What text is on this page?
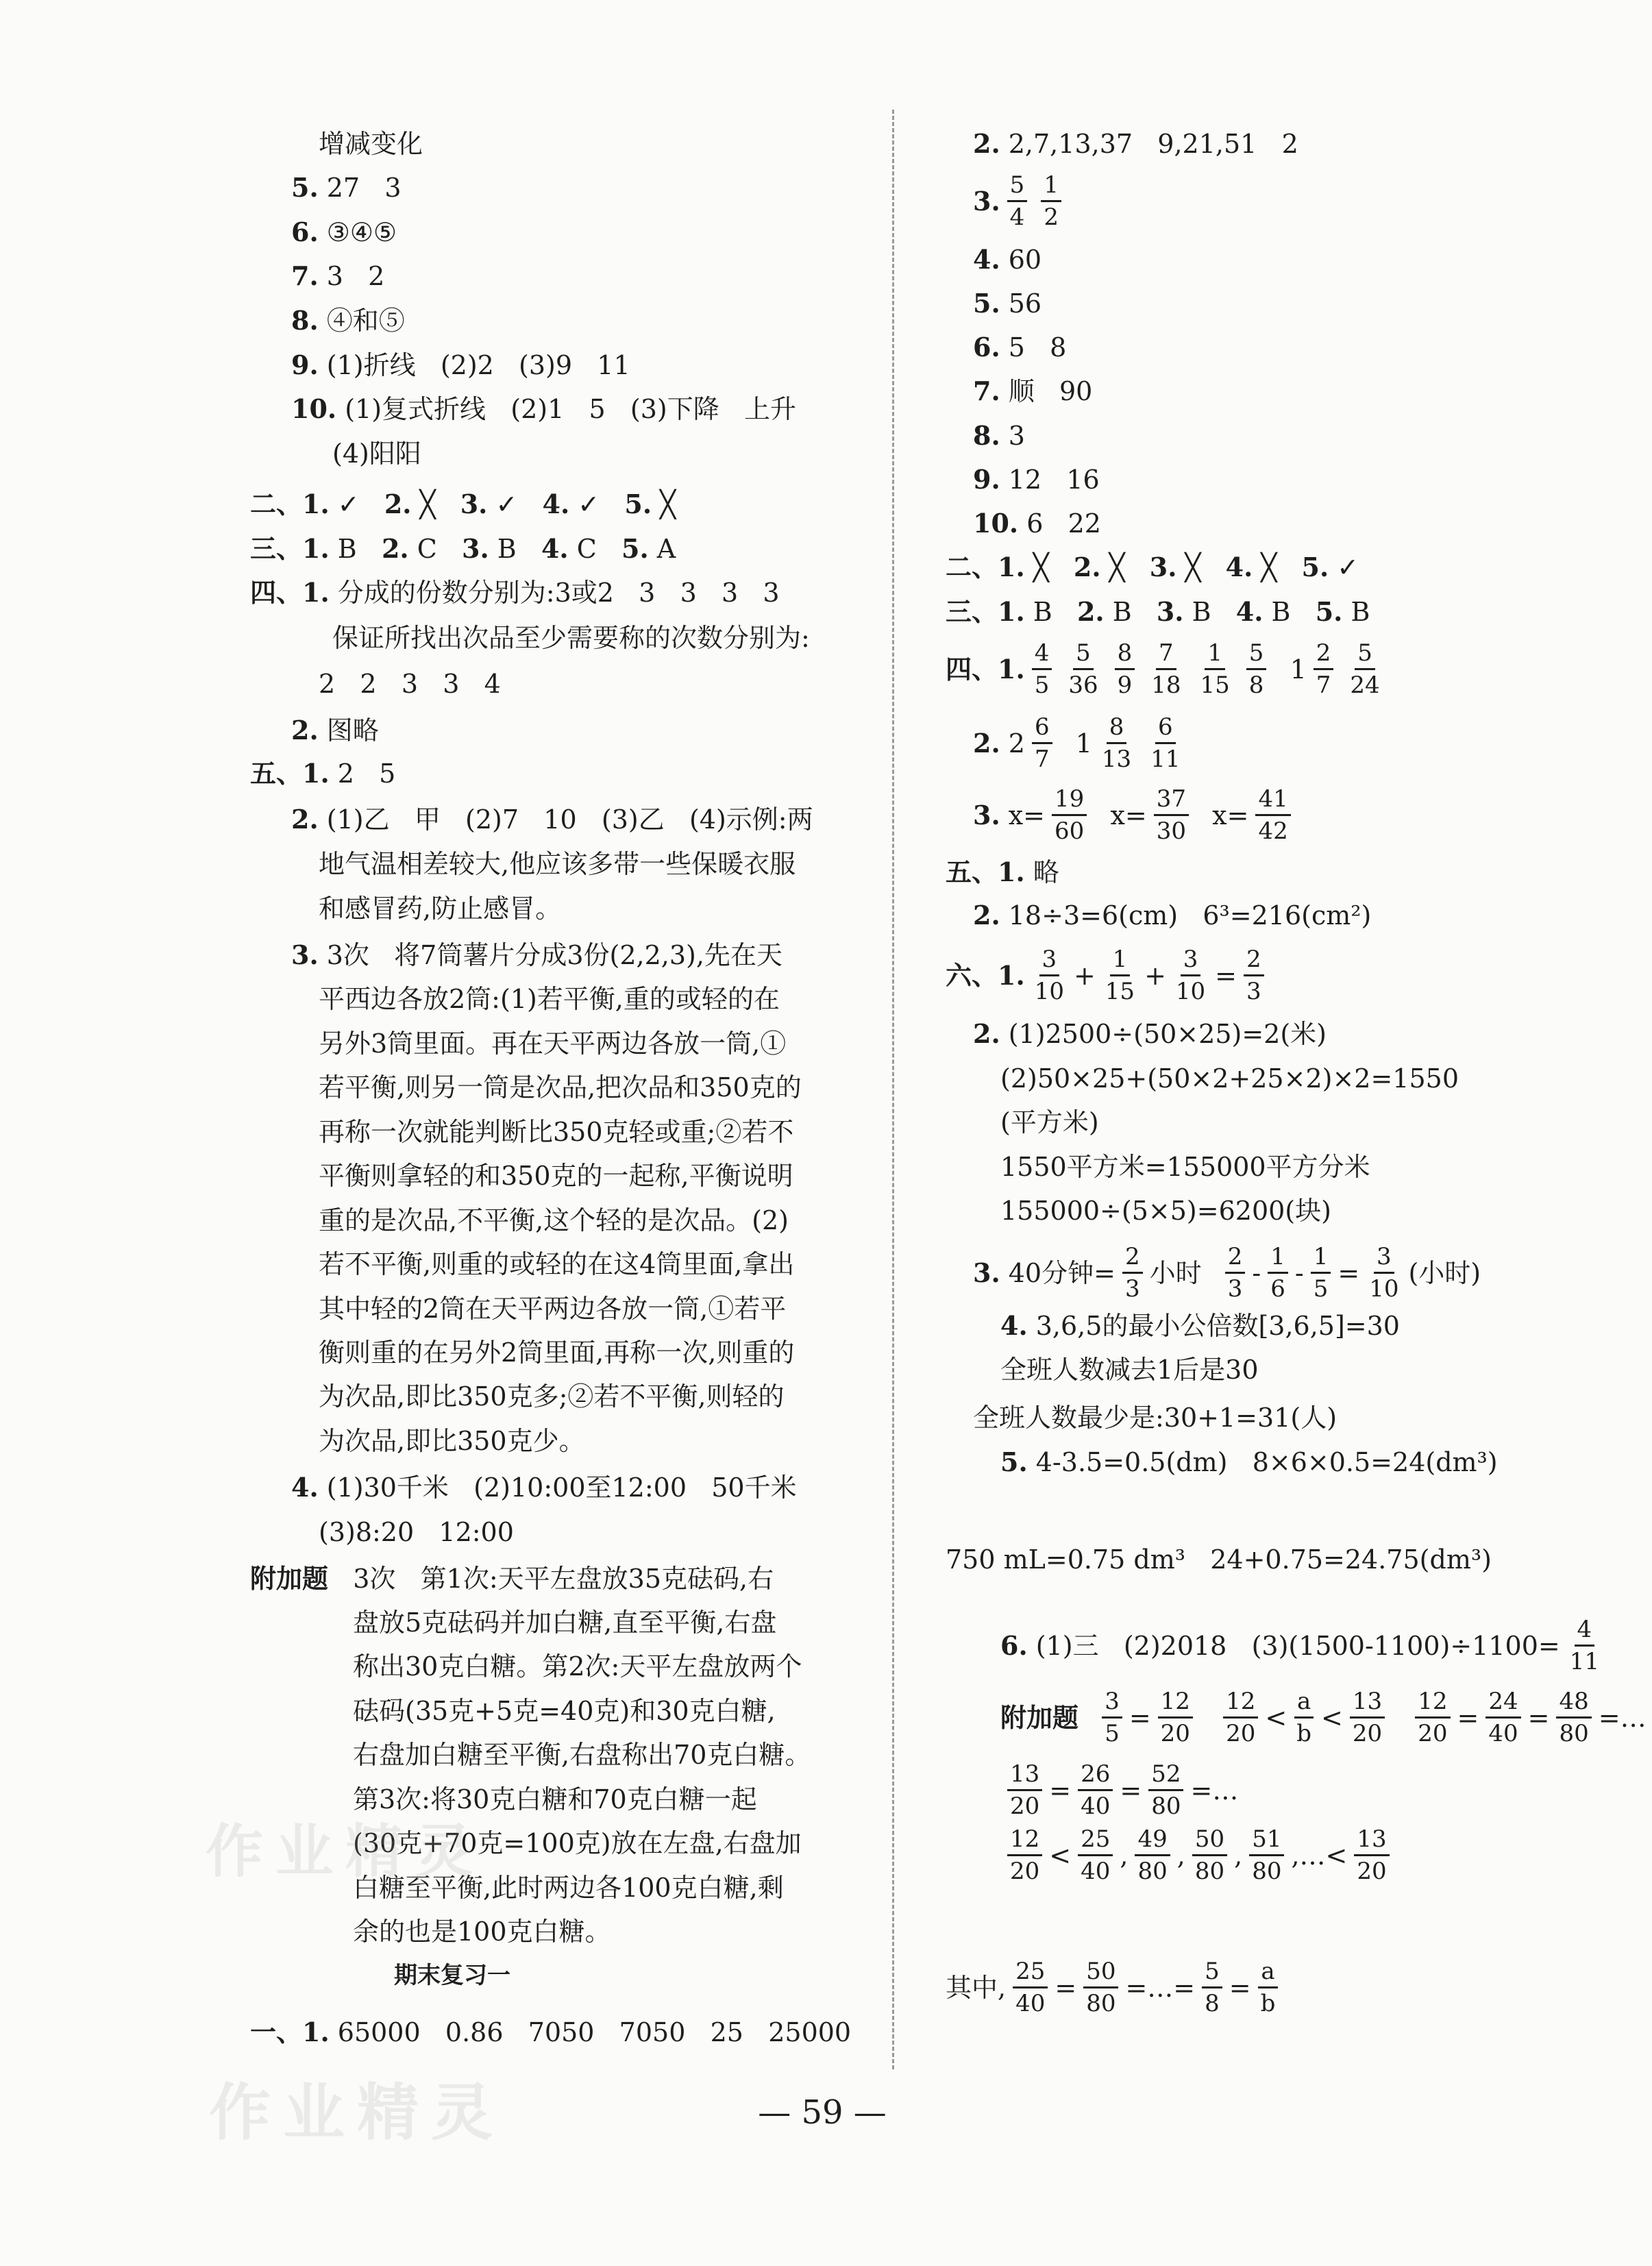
增减变化
5. 27   3
6. ③④⑤
7. 3   2
8. ④和⑤
9. (1)折线   (2)2   (3)9   11
10. (1)复式折线   (2)1   5   (3)下降   上升
(4)阳阳
二、 1. ✓ 2. ╳ 3. ✓ 4. ✓ 5. ╳
三、 1. B 2. C 3. B 4. C 5. A
四、 1. 分成的份数分别为:3或2   3   3   3   3
保证所找出次品至少需要称的次数分别为:
2   2   3   3   4
2. 图略
五、 1. 2   5
2. (1)乙   甲   (2)7   10   (3)乙   (4)示例:两
地气温相差较大,他应该多带一些保暖衣服
和感冒药,防止感冒。
3. 3次   将7筒薯片分成3份(2,2,3),先在天
平西边各放2筒:(1)若平衡,重的或轻的在
另外3筒里面。再在天平两边各放一筒,①
若平衡,则另一筒是次品,把次品和350克的
再称一次就能判断比350克轻或重;②若不
平衡则拿轻的和350克的一起称,平衡说明
重的是次品,不平衡,这个轻的是次品。(2)
若不平衡,则重的或轻的在这4筒里面,拿出
其中轻的2筒在天平两边各放一筒,①若平
衡则重的在另外2筒里面,再称一次,则重的
为次品,即比350克多;②若不平衡,则轻的
为次品,即比350克少。
4. (1)30千米   (2)10:00至12:00   50千米
(3)8:20   12:00
附加题 3次   第1次:天平左盘放35克砝码,右
盘放5克砝码并加白糖,直至平衡,右盘
称出30克白糖。第2次:天平左盘放两个
砝码(35克+5克=40克)和30克白糖,
右盘加白糖至平衡,右盘称出70克白糖。
第3次:将30克白糖和70克白糖一起
(30克+70克=100克)放在左盘,右盘加
白糖至平衡,此时两边各100克白糖,剩
余的也是100克白糖。
一、 1. 65000   0.86   7050   7050   25   25000
期末复习一
2. 2,7,13,37   9,21,51   2
3. $\frac{5}{4} \frac{1}{2}$
4. 60
5. 56
6. 5   8
7. 顺   90
8. 3
9. 12   16
10. 6   22
二、 1. ╳ 2. ╳ 3. ╳ 4. ╳ 5. ✓
三、 1. B 2. B 3. B 4. B 5. B
四、 1. $\frac{4}{5} \frac{5}{36} \frac{8}{9} \frac{7}{18} \frac{1}{15} \frac{5}{8} 1 \frac{2}{7} \frac{5}{24}$
2. $2 \frac{6}{7} 1 \frac{8}{13} \frac{6}{11}$
3. $x= \frac{19}{60} x= \frac{37}{30} x= \frac{41}{42}$
五、 1. 略
2. 18÷3=6(cm)   6³=216(cm²)
六、 1. $\frac{3}{10} + \frac{1}{15} + \frac{3}{10} = \frac{2}{3}$
2. (1)2500÷(50×25)=2(米)
(2)50×25+(50×2+25×2)×2=1550
(平方米)
1550平方米=155000平方分米
155000÷(5×5)=6200(块)
3. 40分钟= $\frac{2}{3}$ 小时 $\frac{2}{3} - \frac{1}{6} - \frac{1}{5} = \frac{3}{10}$ (小时)
4. 3,6,5的最小公倍数[3,6,5]=30
全班人数减去1后是30
全班人数最少是:30+1=31(人)
5. 4-3.5=0.5(dm)   8×6×0.5=24(dm³)
750 mL=0.75 dm³   24+0.75=24.75(dm³)
6. (1)三   (2)2018   $(3)(1500-1100)\div 1100= \frac{4}{11}$
附加题
$\frac{3}{5} = \frac{12}{20}$
$\frac{12}{20} < \frac{a}{b} < \frac{13}{20}$
$\frac{12}{20} = \frac{24}{40} = \frac{48}{80}$ =…
$\frac{13}{20} = \frac{26}{40} = \frac{52}{80}$ =…
$\frac{12}{20} < \frac{25}{40}$ , $\frac{49}{80}$ , $\frac{50}{80}$ , $\frac{51}{80}$ ,…< $\frac{13}{20}$
其中, $\frac{25}{40} = \frac{50}{80}$ =…= $\frac{5}{8} = \frac{a}{b}$
— 59 —
作业精灵
作业精灵
